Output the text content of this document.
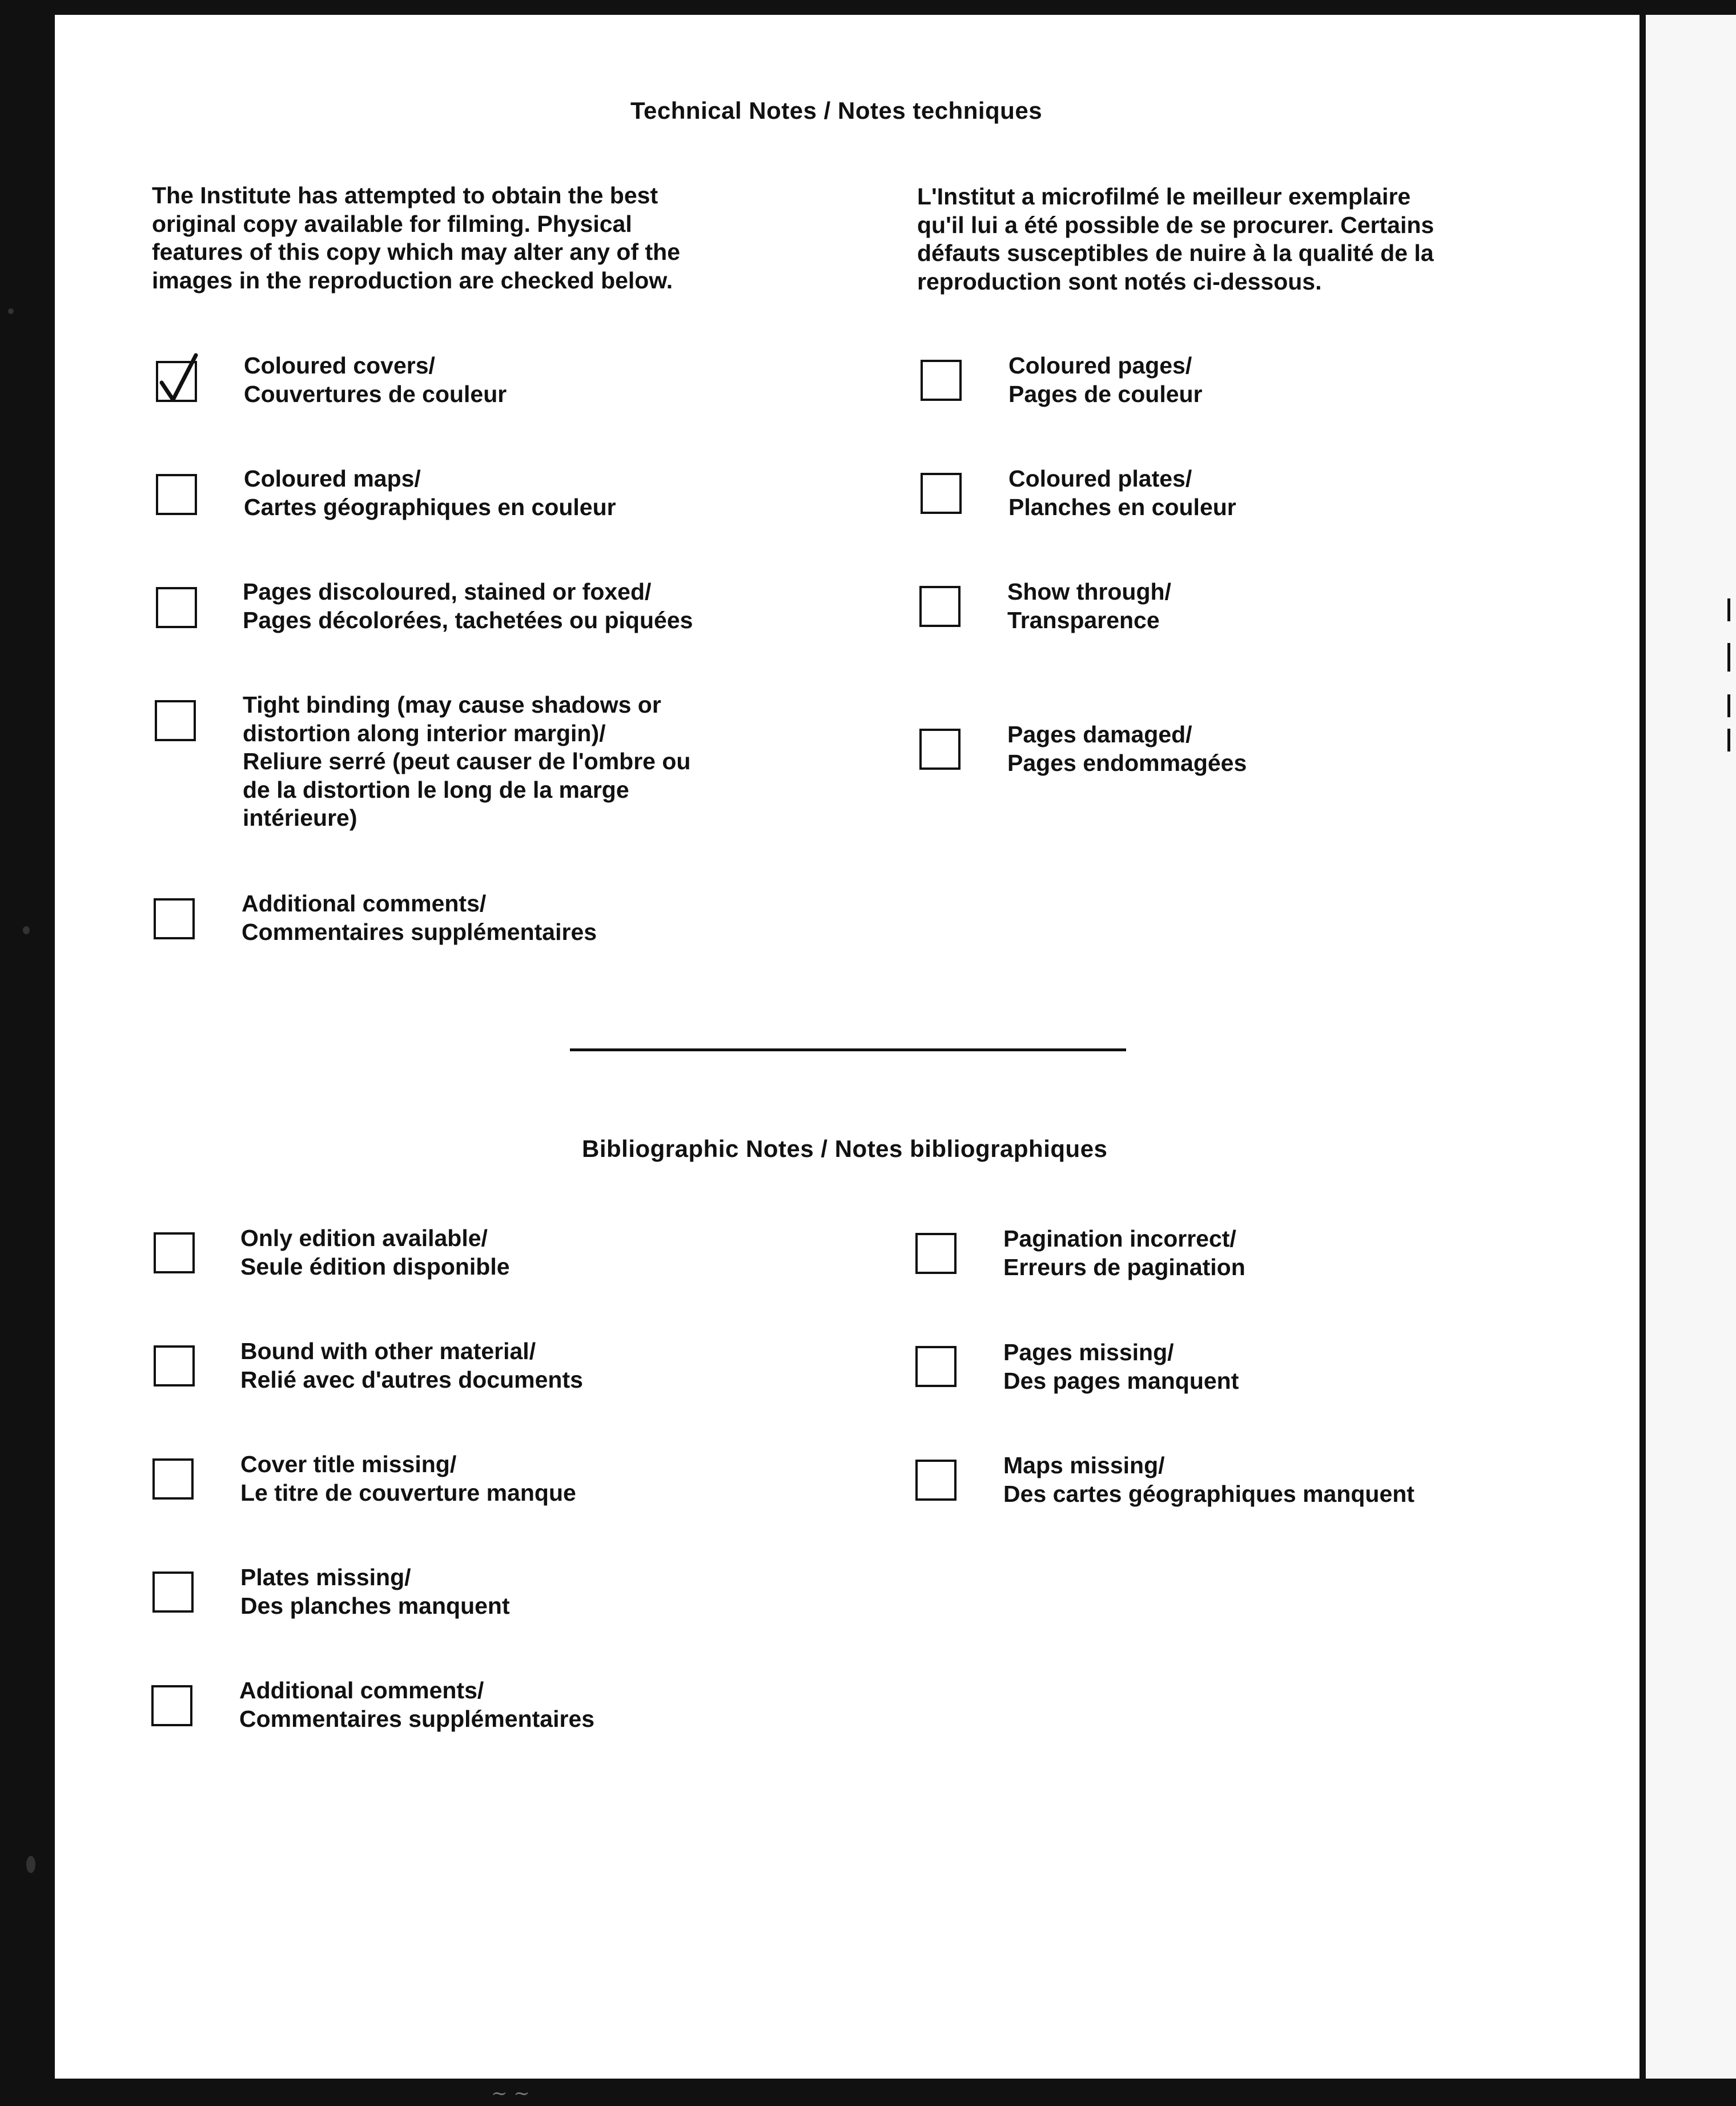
~ ~
Technical Notes / Notes techniques
The Institute has attempted to obtain the best
original copy available for filming. Physical
features of this copy which may alter any of the
images in the reproduction are checked below.
L'Institut a microfilmé le meilleur exemplaire
qu'il lui a été possible de se procurer. Certains
défauts susceptibles de nuire à la qualité de la
reproduction sont notés ci-dessous.
Coloured covers/
Couvertures de couleur
Coloured maps/
Cartes géographiques en couleur
Pages discoloured, stained or foxed/
Pages décolorées, tachetées ou piquées
Tight binding (may cause shadows or
distortion along interior margin)/
Reliure serré (peut causer de l'ombre ou
de la distortion le long de la marge
intérieure)
Additional comments/
Commentaires supplémentaires
Coloured pages/
Pages de couleur
Coloured plates/
Planches en couleur
Show through/
Transparence
Pages damaged/
Pages endommagées
Bibliographic Notes / Notes bibliographiques
Only edition available/
Seule édition disponible
Bound with other material/
Relié avec d'autres documents
Cover title missing/
Le titre de couverture manque
Plates missing/
Des planches manquent
Additional comments/
Commentaires supplémentaires
Pagination incorrect/
Erreurs de pagination
Pages missing/
Des pages manquent
Maps missing/
Des cartes géographiques manquent
